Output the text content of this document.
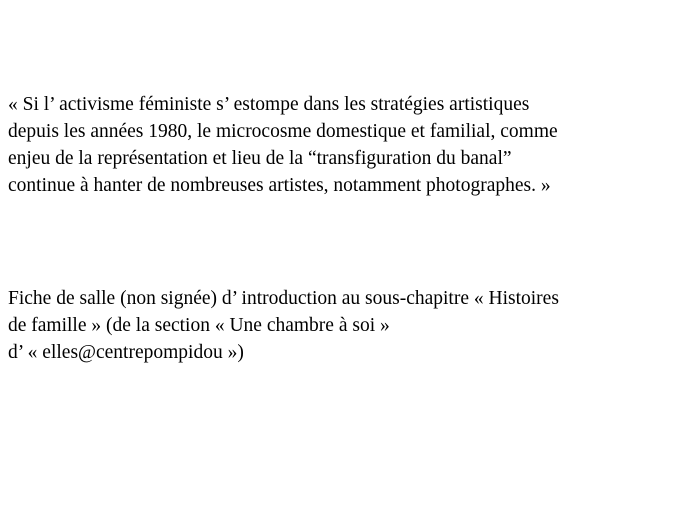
« Si l’ activisme féministe s’ estompe dans les stratégies artistiques
depuis les années 1980, le microcosme domestique et familial, comme
enjeu de la représentation et lieu de la “transfiguration du banal”
continue à hanter de nombreuses artistes, notamment photographes. »
Fiche de salle (non signée) d’ introduction au sous-chapitre « Histoires
de famille » (de la section « Une chambre à soi »
d’ « elles@centrepompidou »)
